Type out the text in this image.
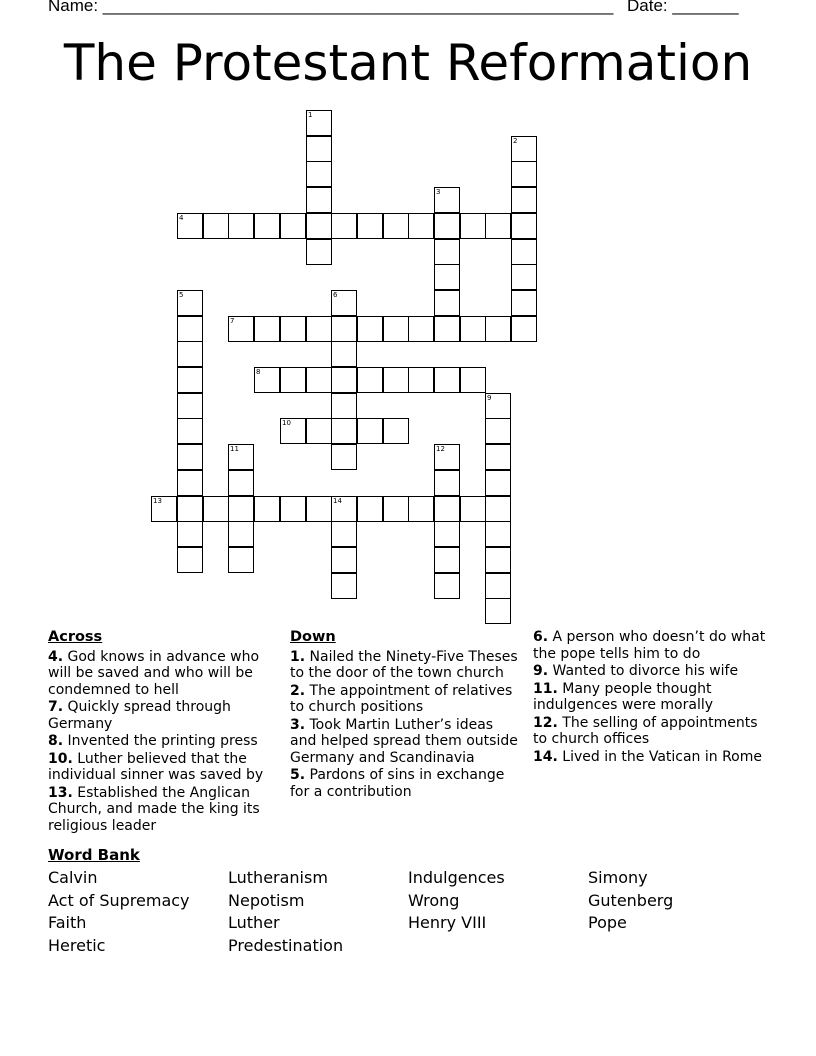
Name: ______________________________________________________ Date: _______
The Protestant Reformation
1
2
3
4
5	6
7
8
9
10
11	12
13	14
Across
4. God knows in advance who will be saved and who will be condemned to hell
7. Quickly spread through Germany
8. Invented the printing press
10. Luther believed that the individual sinner was saved by
13. Established the Anglican Church, and made the king its religious leader
Down
1. Nailed the Ninety-Five Theses to the door of the town church
2. The appointment of relatives to church positions
3. Took Martin Luther’s ideas and helped spread them outside Germany and Scandinavia
5. Pardons of sins in exchange for a contribution
6. A person who doesn’t do what the pope tells him to do
9. Wanted to divorce his wife
11. Many people thought indulgences were morally
12. The selling of appointments to church offices
14. Lived in the Vatican in Rome
Word Bank
Calvin	Lutheranism	Indulgences	Simony
Act of Supremacy Nepotism	Wrong	Gutenberg
Faith	Luther	Henry VIII	Pope
Heretic	Predestination
